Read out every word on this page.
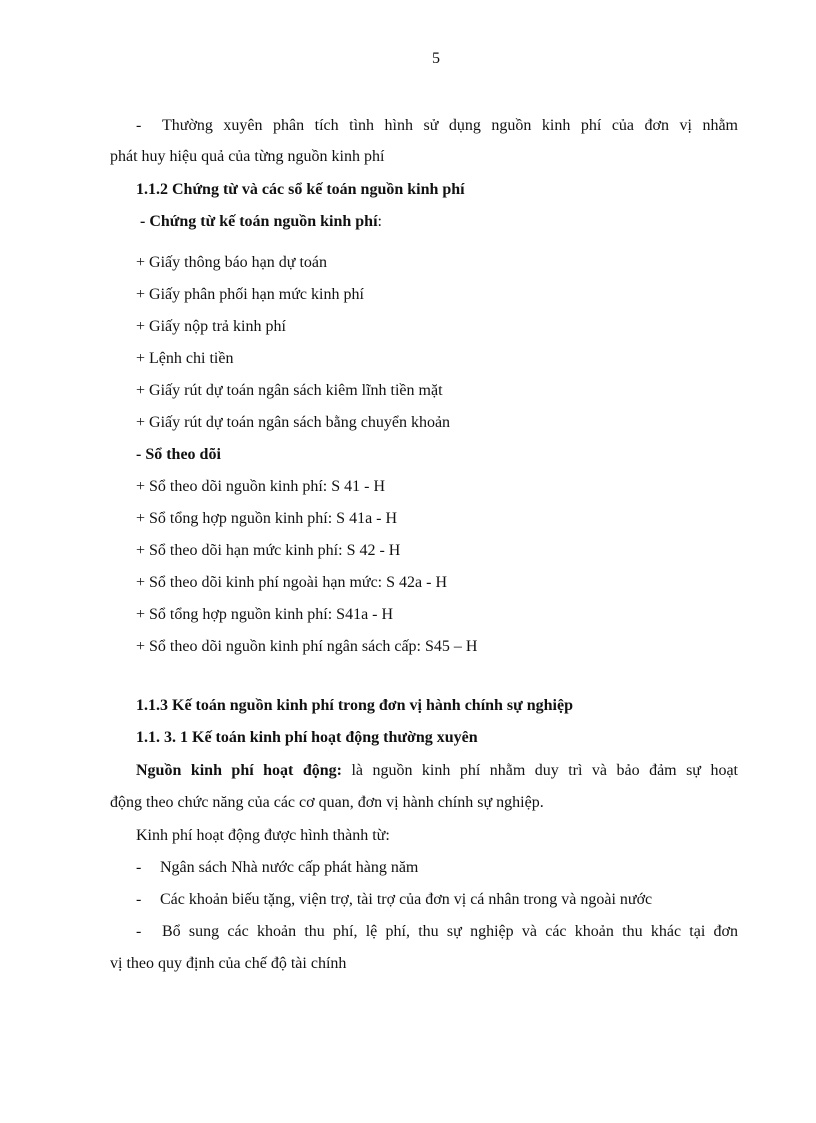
5
- Thường xuyên phân tích tình hình sử dụng nguồn kinh phí của đơn vị nhằm
phát huy hiệu quả của từng nguồn kinh phí
1.1.2 Chứng từ và các sổ kế toán nguồn kinh phí
- Chứng từ kế toán nguồn kinh phí:
+ Giấy thông báo hạn dự toán
+ Giấy phân phối hạn mức kinh phí
+ Giấy nộp trả kinh phí
+ Lệnh chi tiền
+ Giấy rút dự toán ngân sách kiêm lĩnh tiền mặt
+ Giấy rút dự toán ngân sách bằng chuyển khoản
- Sổ theo dõi
+ Sổ theo dõi nguồn kinh phí: S 41 - H
+ Sổ tổng hợp nguồn kinh phí: S 41a - H
+ Sổ theo dõi hạn mức kinh phí: S 42 - H
+ Sổ theo dõi kinh phí ngoài hạn mức: S 42a - H
+ Sổ tổng hợp nguồn kinh phí: S41a - H
+ Sổ theo dõi nguồn kinh phí ngân sách cấp: S45 – H
1.1.3 Kế toán nguồn kinh phí trong đơn vị hành chính sự nghiệp
1.1. 3. 1 Kế toán kinh phí hoạt động thường xuyên
Nguồn kinh phí hoạt động: là nguồn kinh phí nhằm duy trì và bảo đảm sự hoạt
động theo chức năng của các cơ quan, đơn vị hành chính sự nghiệp.
Kinh phí hoạt động được hình thành từ:
- Ngân sách Nhà nước cấp phát hàng năm
- Các khoản biếu tặng, viện trợ, tài trợ của đơn vị cá nhân trong và ngoài nước
- Bổ sung các khoản thu phí, lệ phí, thu sự nghiệp và các khoản thu khác tại đơn
vị theo quy định của chế độ tài chính
